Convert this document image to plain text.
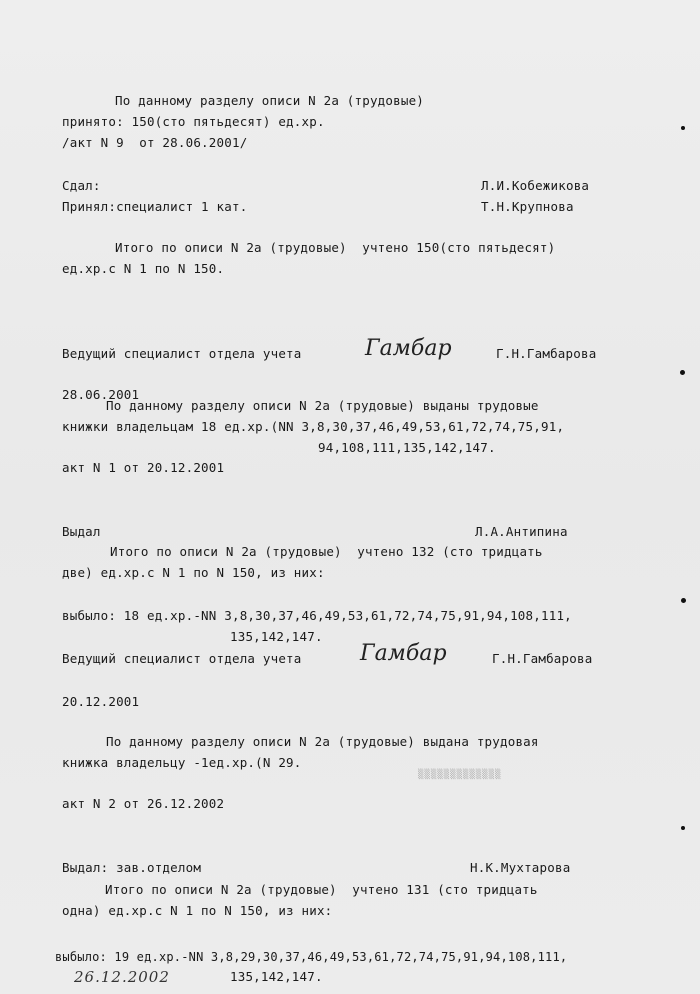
По данному разделу описи N 2а (трудовые)
принято: 150(сто пятьдесят) ед.хр.
/акт N 9  от 28.06.2001/
Сдал:	Л.И.Кобежикова
Принял:специалист 1 кат.	Т.Н.Крупнова
Итого по описи N 2а (трудовые)  учтено 150(сто пятьдесят)
ед.хр.с N 1 по N 150.
Ведущий специалист отдела учета	Гамбар	Г.Н.Гамбарова
28.06.2001
По данному разделу описи N 2а (трудовые) выданы трудовые
книжки владельцам 18 ед.хр.(NN 3,8,30,37,46,49,53,61,72,74,75,91,
94,108,111,135,142,147.
акт N 1 от 20.12.2001
Выдал	Л.А.Антипина
Итого по описи N 2а (трудовые)  учтено 132 (сто тридцать
две) ед.хр.с N 1 по N 150, из них:
выбыло: 18 ед.хр.-NN 3,8,30,37,46,49,53,61,72,74,75,91,94,108,111,
135,142,147.
Ведущий специалист отдела учета	Гамбар	Г.Н.Гамбарова
20.12.2001
По данному разделу описи N 2а (трудовые) выдана трудовая
книжка владельцу -1ед.хр.(N 29.
▒▒▒▒▒▒▒▒▒▒▒▒▒
акт N 2 от 26.12.2002
Выдал: зав.отделом	Н.К.Мухтарова
Итого по описи N 2а (трудовые)  учтено 131 (сто тридцать
одна) ед.хр.с N 1 по N 150, из них:
выбыло: 19 ед.хр.-NN 3,8,29,30,37,46,49,53,61,72,74,75,91,94,108,111,
26.12.2002	135,142,147.
